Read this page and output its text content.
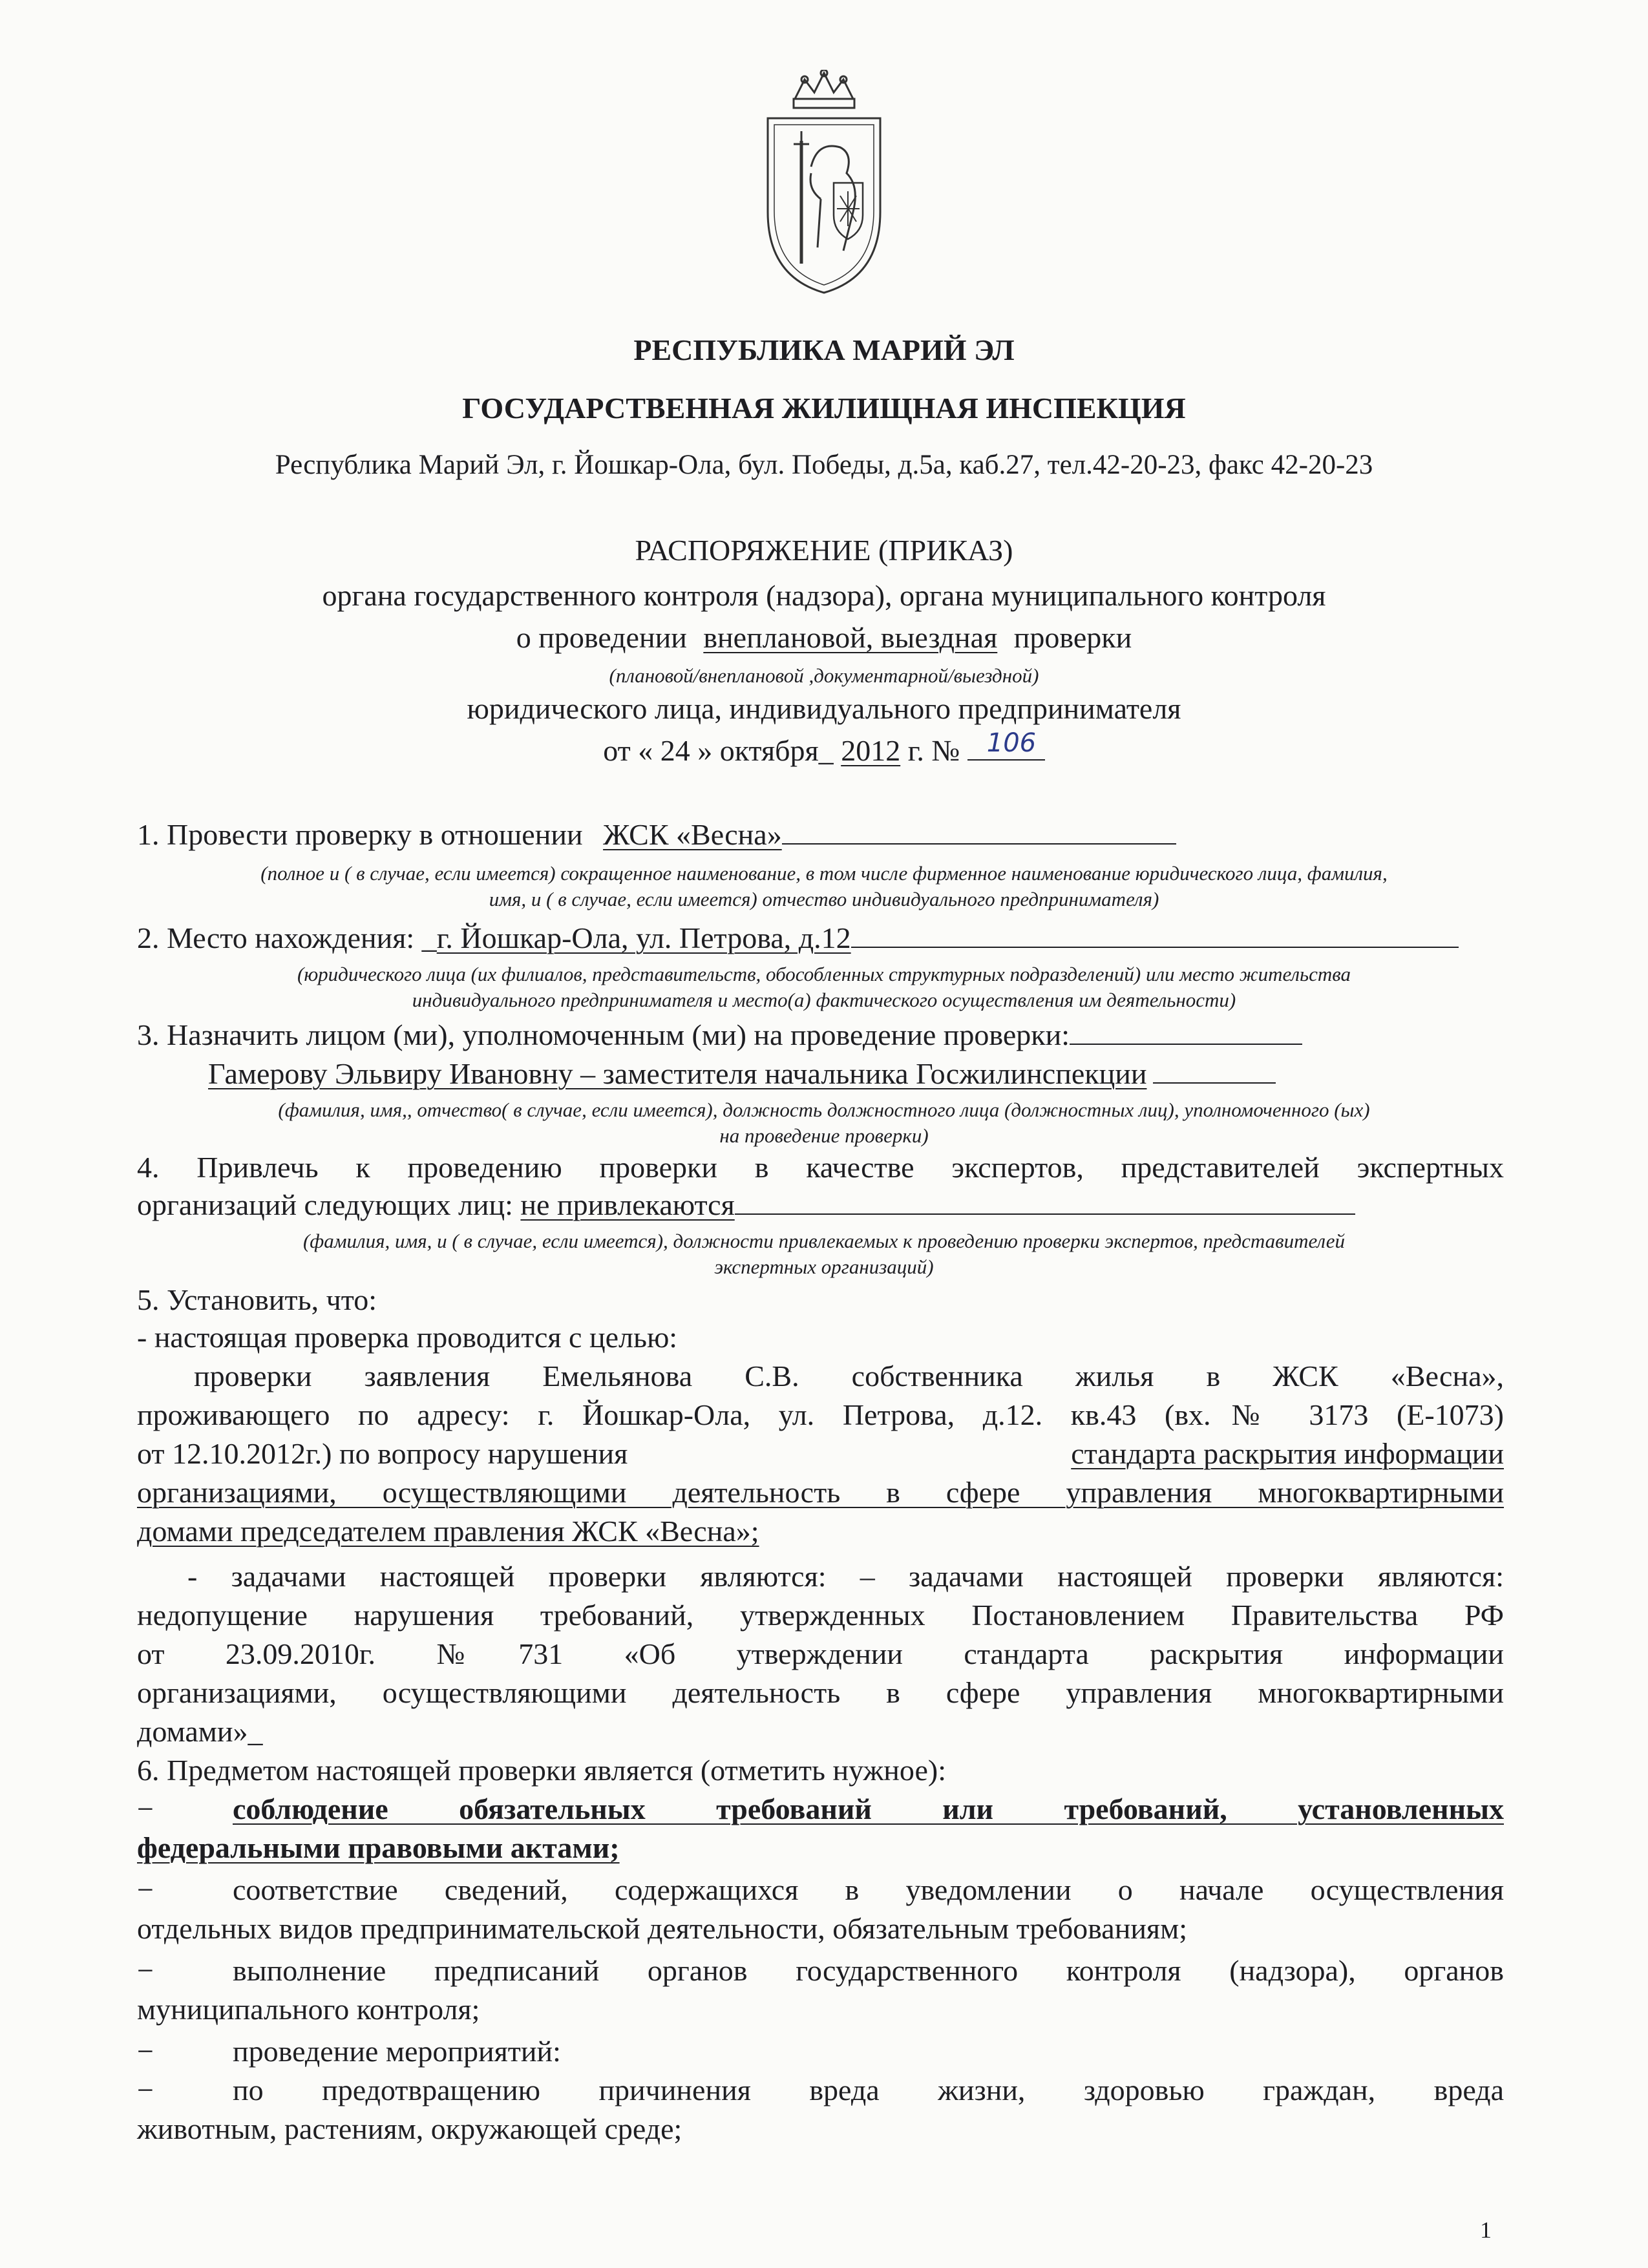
РЕСПУБЛИКА МАРИЙ ЭЛ
ГОСУДАРСТВЕННАЯ ЖИЛИЩНАЯ ИНСПЕКЦИЯ
Республика Марий Эл, г. Йошкар-Ола, бул. Победы, д.5а, каб.27, тел.42-20-23, факс 42-20-23
РАСПОРЯЖЕНИЕ (ПРИКАЗ)
органа государственного контроля (надзора), органа муниципального контроля
о проведении внеплановой, выездная проверки
(плановой/внеплановой ,документарной/выездной)
юридического лица, индивидуального предпринимателя
от « 24 » октября_ 2012 г. № 106
1. Провести проверку в отношении ЖСК «Весна»
(полное и ( в случае, если имеется) сокращенное наименование, в том числе фирменное наименование юридического лица, фамилия,
имя, и ( в случае, если имеется) отчество индивидуального предпринимателя)
2. Место нахождения: _г. Йошкар-Ола, ул. Петрова, д.12
(юридического лица (их филиалов, представительств, обособленных структурных подразделений) или место жительства
индивидуального предпринимателя и место(а) фактического осуществления им деятельности)
3. Назначить лицом (ми), уполномоченным (ми) на проведение проверки:
Гамерову Эльвиру Ивановну – заместителя начальника Госжилинспекции
(фамилия, имя,, отчество( в случае, если имеется), должность должностного лица (должностных лиц), уполномоченного (ых)
на проведение проверки)
4. Привлечь к проведению проверки в качестве экспертов, представителей экспертных
организаций следующих лиц: не привлекаются
(фамилия, имя, и ( в случае, если имеется), должности привлекаемых к проведению проверки экспертов, представителей
экспертных организаций)
5. Установить, что:
- настоящая проверка проводится с целью:
проверки заявления Емельянова С.В. собственника жилья в ЖСК «Весна»,
проживающего по адресу: г. Йошкар-Ола, ул. Петрова, д.12. кв.43 (вх.№ 3173 (Е-1073)
от 12.10.2012г.) по вопросу нарушения	стандарта раскрытия информации
организациями, осуществляющими деятельность в сфере управления многоквартирными
домами председателем правления ЖСК «Весна»;
- задачами настоящей проверки являются: – задачами настоящей проверки являются:
недопущение нарушения требований, утвержденных Постановлением Правительства РФ
от 23.09.2010г. №731 «Об утверждении стандарта раскрытия информации
организациями, осуществляющими деятельность в сфере управления многоквартирными
домами»_
6. Предметом настоящей проверки является (отметить нужное):
−	соблюдение обязательных требований или требований, установленных
федеральными правовыми актами;
−	соответствие сведений, содержащихся в уведомлении о начале осуществления
отдельных видов предпринимательской деятельности, обязательным требованиям;
−	выполнение предписаний органов государственного контроля (надзора), органов
муниципального контроля;
−	проведение мероприятий:
−	по предотвращению причинения вреда жизни, здоровью граждан, вреда
животным, растениям, окружающей среде;
1
